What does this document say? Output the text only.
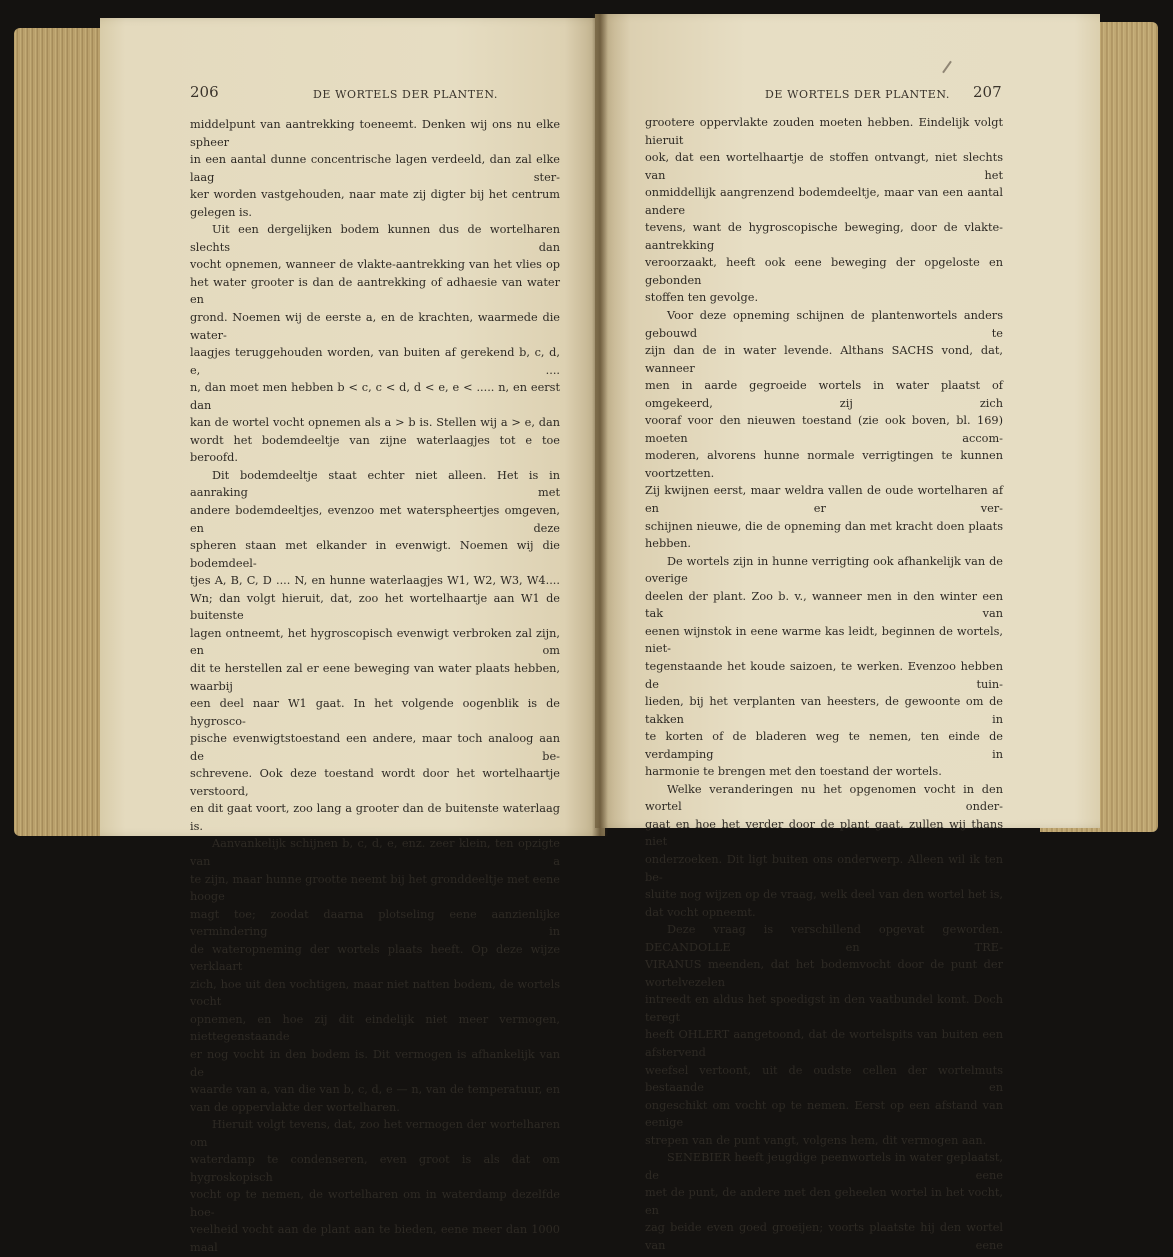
206	DE WORTELS DER PLANTEN.	DE WORTELS DER PLANTEN. 207

middelpunt van aantrekking toeneemt. Denken wij ons nu elke spheer

in een aantal dunne concentrische lagen verdeeld, dan zal elke laag ster-

ker worden vastgehouden, naar mate zij digter bij het centrum gelegen is.

Uit een dergelijken bodem kunnen dus de wortelharen slechts dan

vocht opnemen, wanneer de vlakte-aantrekking van het vlies op

het water grooter is dan de aantrekking of adhaesie van water en

grond. Noemen wij de eerste a, en de krachten, waarmede die water-

laagjes teruggehouden worden, van buiten af gerekend b, c, d, e, ....

n, dan moet men hebben b < c, c < d, d < e, e < ..... n, en eerst dan

kan de wortel vocht opnemen als a > b is. Stellen wij a > e, dan

wordt het bodemdeeltje van zijne waterlaagjes tot e toe beroofd.

Dit bodemdeeltje staat echter niet alleen. Het is in aanraking met

andere bodemdeeltjes, evenzoo met waterspheertjes omgeven, en deze

spheren staan met elkander in evenwigt. Noemen wij die bodemdeel-

tjes A, B, C, D .... N, en hunne waterlaagjes W1, W2, W3, W4....

Wn; dan volgt hieruit, dat, zoo het wortelhaartje aan W1 de buitenste

lagen ontneemt, het hygroscopisch evenwigt verbroken zal zijn, en om

dit te herstellen zal er eene beweging van water plaats hebben, waarbij

een deel naar W1 gaat. In het volgende oogenblik is de hygrosco-

pische evenwigtstoestand een andere, maar toch analoog aan de be-

schrevene. Ook deze toestand wordt door het wortelhaartje verstoord,

en dit gaat voort, zoo lang a grooter dan de buitenste waterlaag is.

Aanvankelijk schijnen b, c, d, e, enz. zeer klein, ten opzigte van a

te zijn, maar hunne grootte neemt bij het gronddeeltje met eene hooge

magt toe; zoodat daarna plotseling eene aanzienlijke vermindering in

de wateropneming der wortels plaats heeft. Op deze wijze verklaart

zich, hoe uit den vochtigen, maar niet natten bodem, de wortels vocht

opnemen, en hoe zij dit eindelijk niet meer vermogen, niettegenstaande

er nog vocht in den bodem is. Dit vermogen is afhankelijk van de

waarde van a, van die van b, c, d, e — n, van de temperatuur, en

van de oppervlakte der wortelharen.

Hieruit volgt tevens, dat, zoo het vermogen der wortelharen om

waterdamp te condenseren, even groot is als dat om hygroskopisch

vocht op te nemen, de wortelharen om in waterdamp dezelfde hoe-

veelheid vocht aan de plant aan te bieden, eene meer dan 1000 maal

grootere oppervlakte zouden moeten hebben. Eindelijk volgt hieruit

ook, dat een wortelhaartje de stoffen ontvangt, niet slechts van het

onmiddellijk aangrenzend bodemdeeltje, maar van een aantal andere

tevens, want de hygroscopische beweging, door de vlakte-aantrekking

veroorzaakt, heeft ook eene beweging der opgeloste en gebonden

stoffen ten gevolge.

Voor deze opneming schijnen de plantenwortels anders gebouwd te

zijn dan de in water levende. Althans SACHS vond, dat, wanneer

men in aarde gegroeide wortels in water plaatst of omgekeerd, zij zich

vooraf voor den nieuwen toestand (zie ook boven, bl. 169) moeten accom-

moderen, alvorens hunne normale verrigtingen te kunnen voortzetten.

Zij kwijnen eerst, maar weldra vallen de oude wortelharen af en er ver-

schijnen nieuwe, die de opneming dan met kracht doen plaats hebben.

De wortels zijn in hunne verrigting ook afhankelijk van de overige

deelen der plant. Zoo b. v., wanneer men in den winter een tak van

eenen wijnstok in eene warme kas leidt, beginnen de wortels, niet-

tegenstaande het koude saizoen, te werken. Evenzoo hebben de tuin-

lieden, bij het verplanten van heesters, de gewoonte om de takken in

te korten of de bladeren weg te nemen, ten einde de verdamping in

harmonie te brengen met den toestand der wortels.

Welke veranderingen nu het opgenomen vocht in den wortel onder-

gaat en hoe het verder door de plant gaat, zullen wij thans niet

onderzoeken. Dit ligt buiten ons onderwerp. Alleen wil ik ten be-

sluite nog wijzen op de vraag, welk deel van den wortel het is,

dat vocht opneemt.

Deze vraag is verschillend opgevat geworden. DECANDOLLE en TRE-

VIRANUS meenden, dat het bodemvocht door de punt der wortelvezelen

intreedt en aldus het spoedigst in den vaatbundel komt. Doch teregt

heeft OHLERT aangetoond, dat de wortelspits van buiten een afstervend

weefsel vertoont, uit de oudste cellen der wortelmuts bestaande en

ongeschikt om vocht op te nemen. Eerst op een afstand van eenige

strepen van de punt vangt, volgens hem, dit vermogen aan.

SENEBIER heeft jeugdige peenwortels in water geplaatst, de eene

met de punt, de andere met den geheelen wortel in het vocht, en

zag beide even goed groeijen; voorts plaatste hij den wortel van eene
